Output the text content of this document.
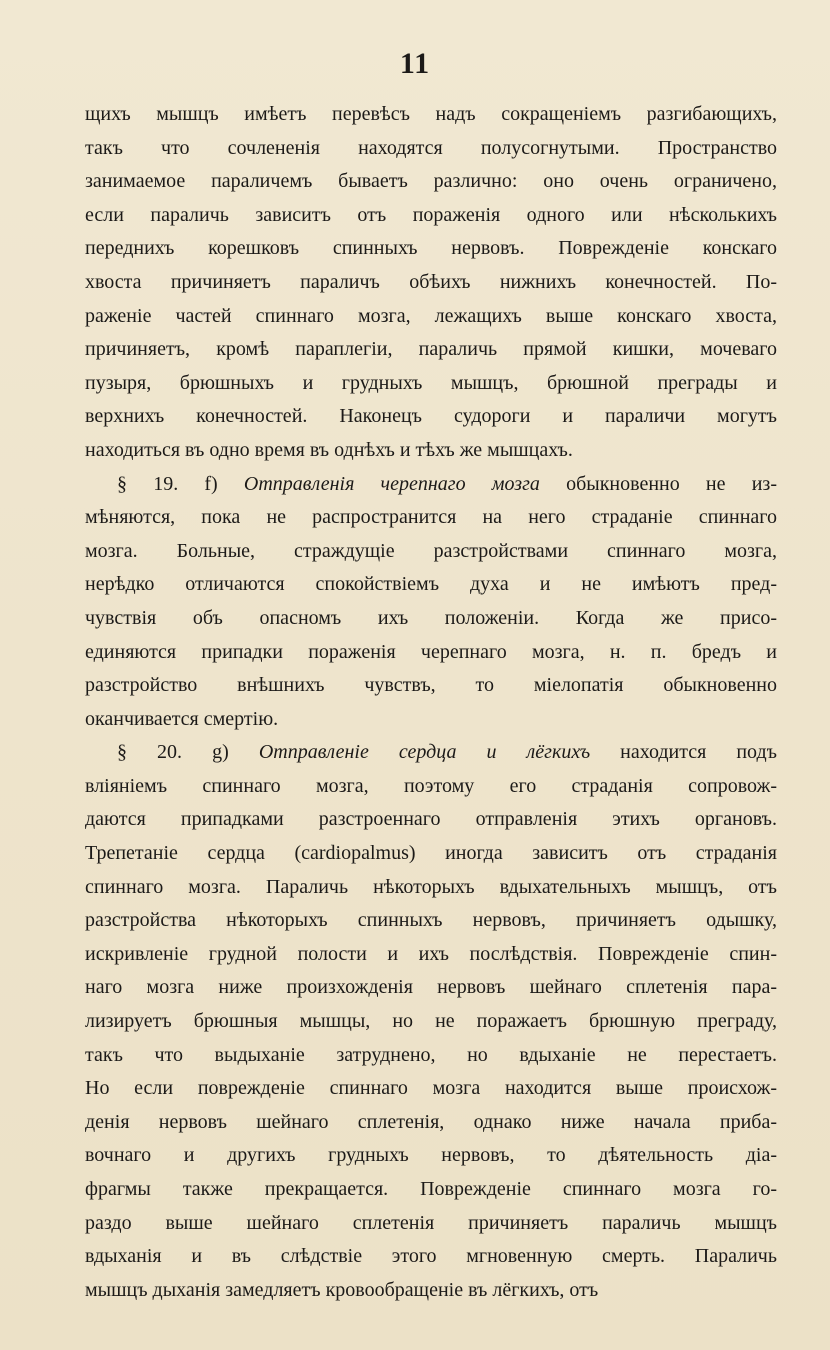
11
щихъ мышцъ имѣетъ перевѣсъ надъ сокращенiемъ разгибающихъ,
такъ что сочлененiя находятся полусогнутыми. Пространство
занимаемое параличемъ бываетъ различно: оно очень ограничено,
если параличь зависитъ отъ пораженiя одного или нѣсколькихъ
переднихъ корешковъ спинныхъ нервовъ. Поврежденiе конскаго
хвоста причиняетъ параличъ обѣихъ нижнихъ конечностей. По-
раженiе частей спиннаго мозга, лежащихъ выше конскаго хвоста,
причиняетъ, кромѣ параплегiи, параличь прямой кишки, мочеваго
пузыря, брюшныхъ и грудныхъ мышцъ, брюшной преграды и
верхнихъ конечностей. Наконецъ судороги и параличи могутъ
находиться въ одно время въ однѣхъ и тѣхъ же мышцахъ.
§ 19. f) Отправленiя черепнаго мозга обыкновенно не из-
мѣняются, пока не распространится на него страданiе спиннаго
мозга. Больные, страждущiе разстройствами спиннаго мозга,
нерѣдко отличаются спокойствiемъ духа и не имѣютъ пред-
чувствiя объ опасномъ ихъ положенiи. Когда же присо-
единяются припадки пораженiя черепнаго мозга, н. п. бредъ и
разстройство внѣшнихъ чувствъ, то мiелопатiя обыкновенно
оканчивается смертiю.
§ 20. g) Отправленiе сердца и лёгкихъ находится подъ
влiянiемъ спиннаго мозга, поэтому его страданiя сопровож-
даются припадками разстроеннаго отправленiя этихъ органовъ.
Трепетанiе сердца (cardiopalmus) иногда зависитъ отъ страданiя
спиннаго мозга. Параличь нѣкоторыхъ вдыхательныхъ мышцъ, отъ
разстройства нѣкоторыхъ спинныхъ нервовъ, причиняетъ одышку,
искривленiе грудной полости и ихъ послѣдствiя. Поврежденiе спин-
наго мозга ниже произхожденiя нервовъ шейнаго сплетенiя пара-
лизируетъ брюшныя мышцы, но не поражаетъ брюшную преграду,
такъ что выдыханiе затруднено, но вдыханiе не перестаетъ.
Но если поврежденiе спиннаго мозга находится выше происхож-
денiя нервовъ шейнаго сплетенiя, однако ниже начала приба-
вочнаго и другихъ грудныхъ нервовъ, то дѣятельность дiа-
фрагмы также прекращается. Поврежденiе спиннаго мозга го-
раздо выше шейнаго сплетенiя причиняетъ параличь мышцъ
вдыханiя и въ слѣдствiе этого мгновенную смерть. Параличь
мышцъ дыханiя замедляетъ кровообращенiе въ лёгкихъ, отъ
